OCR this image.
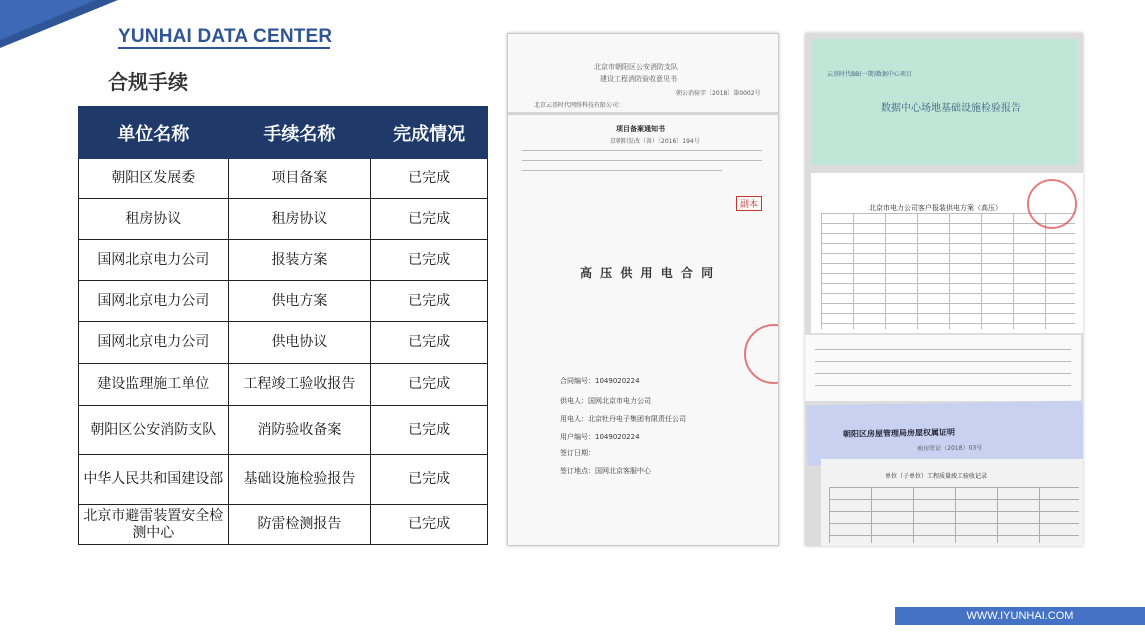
YUNHAI DATA CENTER
合规手续
单位名称	手续名称	完成情况
朝阳区发展委	项目备案	已完成
租房协议	租房协议	已完成
国网北京电力公司	报装方案	已完成
国网北京电力公司	供电方案	已完成
国网北京电力公司	供电协议	已完成
建设监理施工单位	工程竣工验收报告	已完成
朝阳区公安消防支队	消防验收备案	已完成
中华人民共和国建设部	基础设施检验报告	已完成
北京市避雷装置安全检测中心	防雷检测报告	已完成
北京市朝阳区公安消防支队
建设工程消防验收意见书
朝公消验字〔2018〕第0002号
北京云基时代网络科技有限公司：
项目备案通知书
京朝阳发改（备）〔2016〕194号
副本
高 压 供 用 电 合 同
合同编号：1049020224
供电人：国网北京市电力公司
用电人：北京牡丹电子集团有限责任公司
用户编号：1049020224
签订日期：
签订地点：国网北京客服中心
云基时代BB(一期)数据中心项目
数据中心场地基础设施检验报告
北京市电力公司客户报装供电方案（高压）
朝阳区房屋管理局房屋权属证明
朝房管证（2018）03号
单位（子单位）工程质量竣工验收记录
WWW.IYUNHAI.COM
